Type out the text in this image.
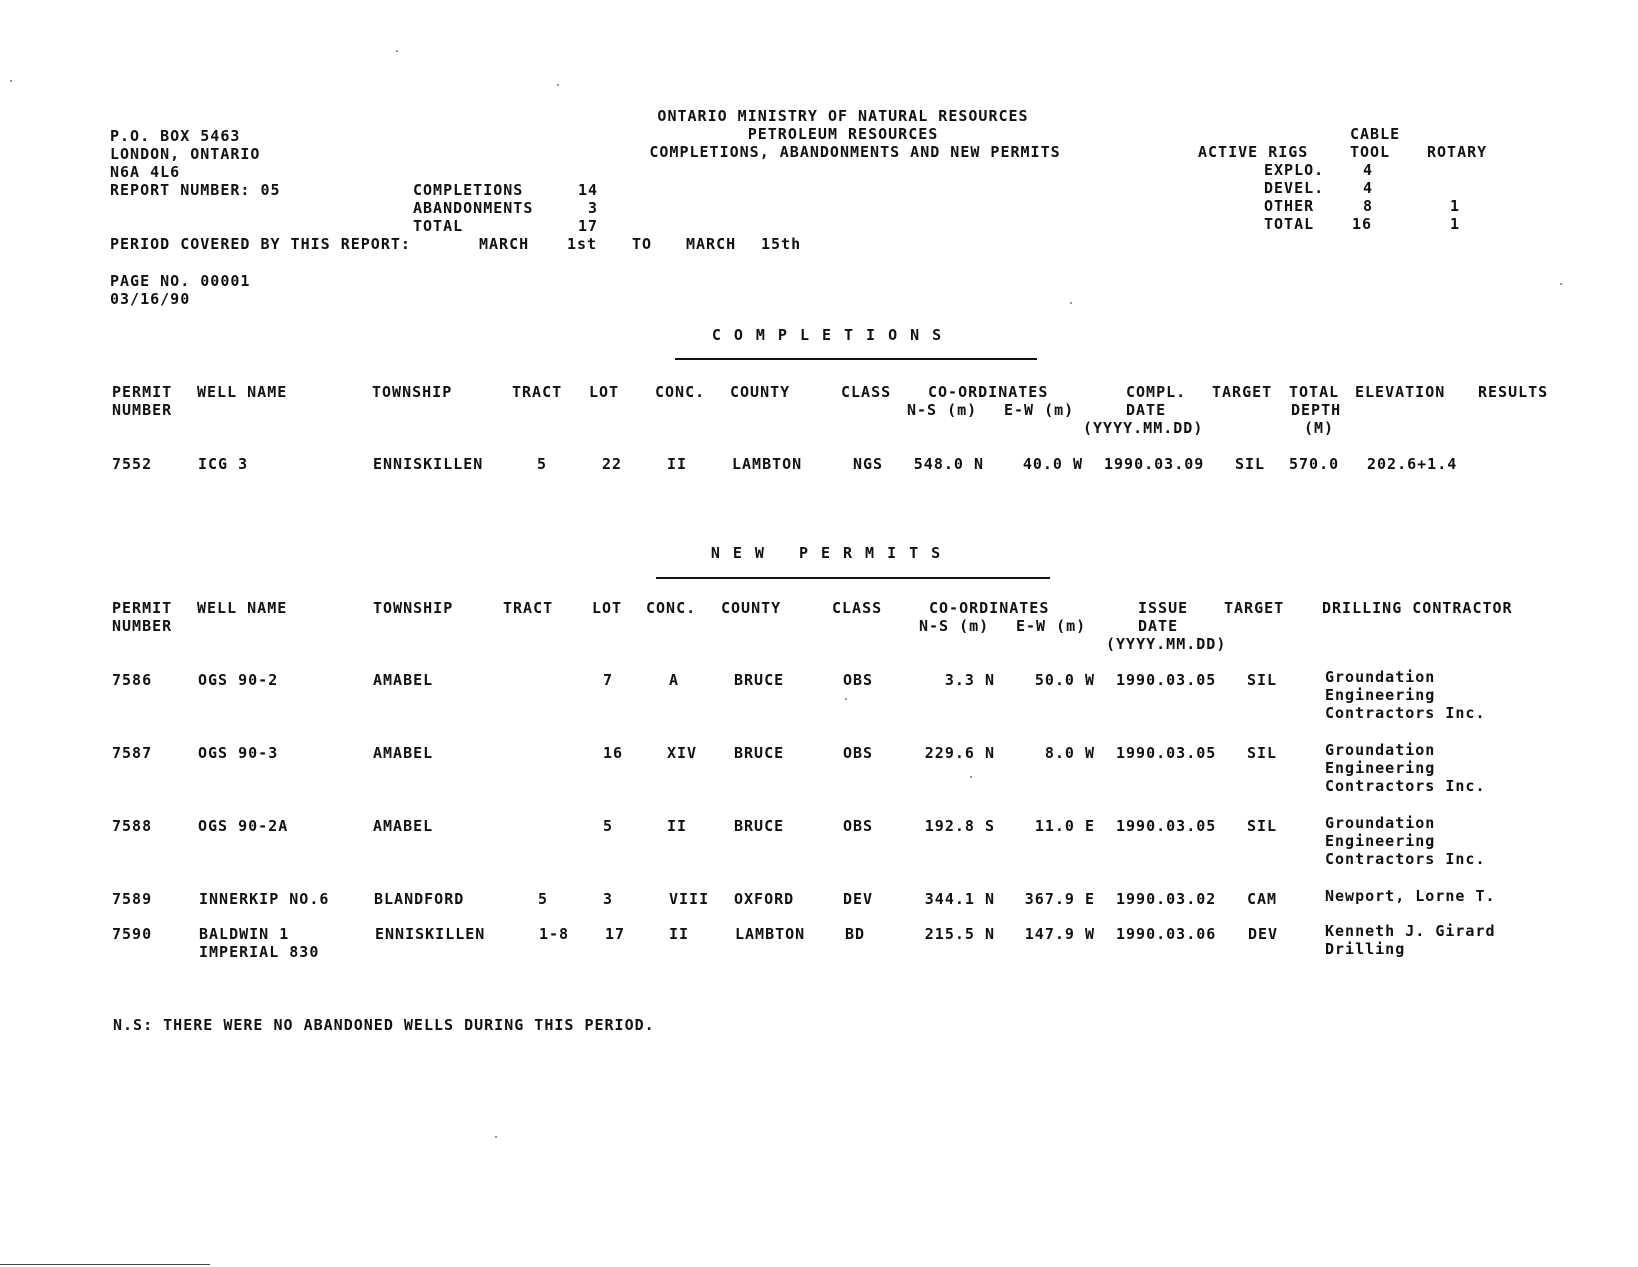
P.O. BOX 5463
LONDON, ONTARIO
N6A 4L6
REPORT NUMBER: 05
ONTARIO MINISTRY OF NATURAL RESOURCES
PETROLEUM RESOURCES
COMPLETIONS, ABANDONMENTS AND NEW PERMITS
COMPLETIONS	14
ABANDONMENTS	3
TOTAL	17
CABLE
ACTIVE RIGS	TOOL ROTARY
EXPLO.	4
DEVEL.	4
OTHER	8	1
TOTAL	16	1
PERIOD COVERED BY THIS REPORT:	MARCH	1st TO MARCH 15th
PAGE NO. 00001
03/16/90
COMPLETIONS
PERMIT
NUMBER
WELL NAME	TOWNSHIP	TRACT LOT CONC. COUNTY	CLASS CO-ORDINATES
N-S (m) E-W (m)
COMPL.
DATE
(YYYY.MM.DD)
TARGET TOTAL
DEPTH
(M)
ELEVATION RESULTS
7552	ICG 3	ENNISKILLEN	5	22	II	LAMBTON	NGS 548.0 N	40.0 W 1990.03.09 SIL 570.0 202.6+1.4
NEW PERMITS
PERMIT
NUMBER
WELL NAME	TOWNSHIP	TRACT	LOT CONC. COUNTY	CLASS	CO-ORDINATES
N-S (m) E-W (m)
ISSUE
DATE
(YYYY.MM.DD)
TARGET	DRILLING CONTRACTOR
7586	OGS 90-2	AMABEL	7	A	BRUCE	OBS	3.3 N	50.0 W 1990.03.05 SIL	Groundation
Engineering
Contractors Inc.
7587	OGS 90-3	AMABEL	16	XIV BRUCE	OBS	229.6 N	8.0 W 1990.03.05 SIL	Groundation
Engineering
Contractors Inc.
7588	OGS 90-2A	AMABEL	5	II	BRUCE	OBS	192.8 S	11.0 E 1990.03.05 SIL	Groundation
Engineering
Contractors Inc.
7589	INNERKIP NO.6	BLANDFORD	5	3	VIII OXFORD	DEV	344.1 N 367.9 E 1990.03.02 CAM	Newport, Lorne T.
7590	BALDWIN 1
IMPERIAL 830
ENNISKILLEN	1-8 17	II	LAMBTON	BD	215.5 N 147.9 W 1990.03.06 DEV	Kenneth J. Girard
Drilling
N.S: THERE WERE NO ABANDONED WELLS DURING THIS PERIOD.
